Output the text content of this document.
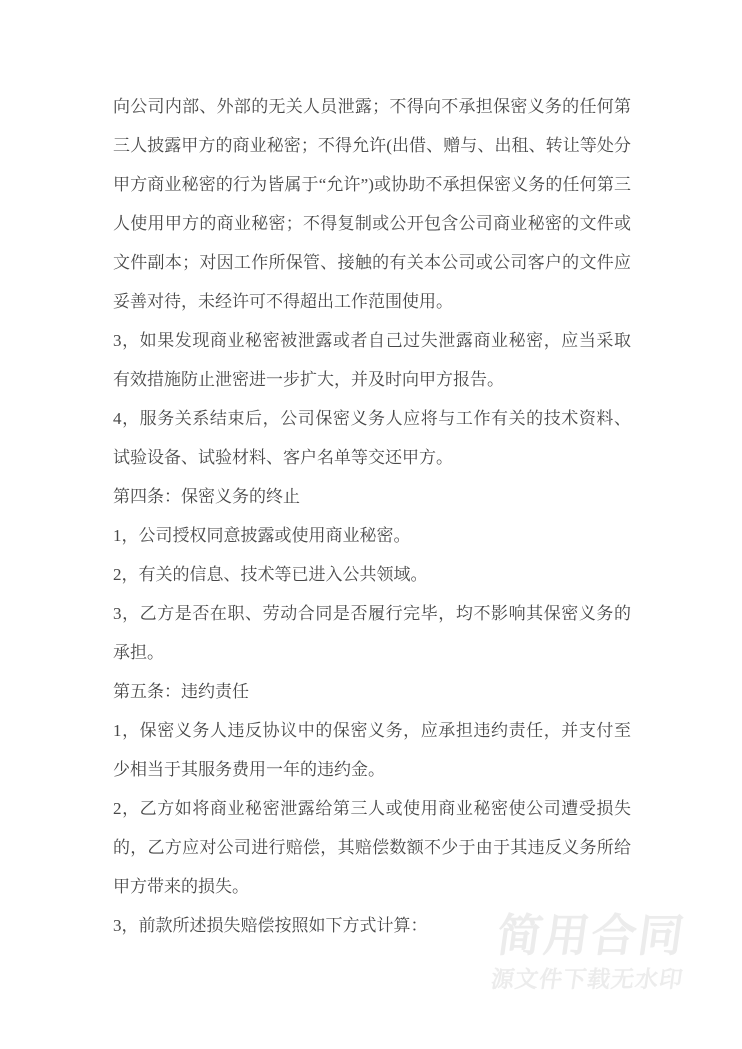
向公司内部、外部的无关人员泄露；不得向不承担保密义务的任何第三人披露甲方的商业秘密；不得允许(出借、赠与、出租、转让等处分甲方商业秘密的行为皆属于“允许”)或协助不承担保密义务的任何第三人使用甲方的商业秘密；不得复制或公开包含公司商业秘密的文件或文件副本；对因工作所保管、接触的有关本公司或公司客户的文件应妥善对待，未经许可不得超出工作范围使用。

3，如果发现商业秘密被泄露或者自己过失泄露商业秘密，应当采取有效措施防止泄密进一步扩大，并及时向甲方报告。

4，服务关系结束后，公司保密义务人应将与工作有关的技术资料、试验设备、试验材料、客户名单等交还甲方。

第四条：保密义务的终止

1，公司授权同意披露或使用商业秘密。

2，有关的信息、技术等已进入公共领域。

3，乙方是否在职、劳动合同是否履行完毕，均不影响其保密义务的承担。

第五条：违约责任

1，保密义务人违反协议中的保密义务，应承担违约责任，并支付至少相当于其服务费用一年的违约金。

2，乙方如将商业秘密泄露给第三人或使用商业秘密使公司遭受损失的，乙方应对公司进行赔偿，其赔偿数额不少于由于其违反义务所给甲方带来的损失。

3，前款所述损失赔偿按照如下方式计算：	简用合同
源文件下载无水印
